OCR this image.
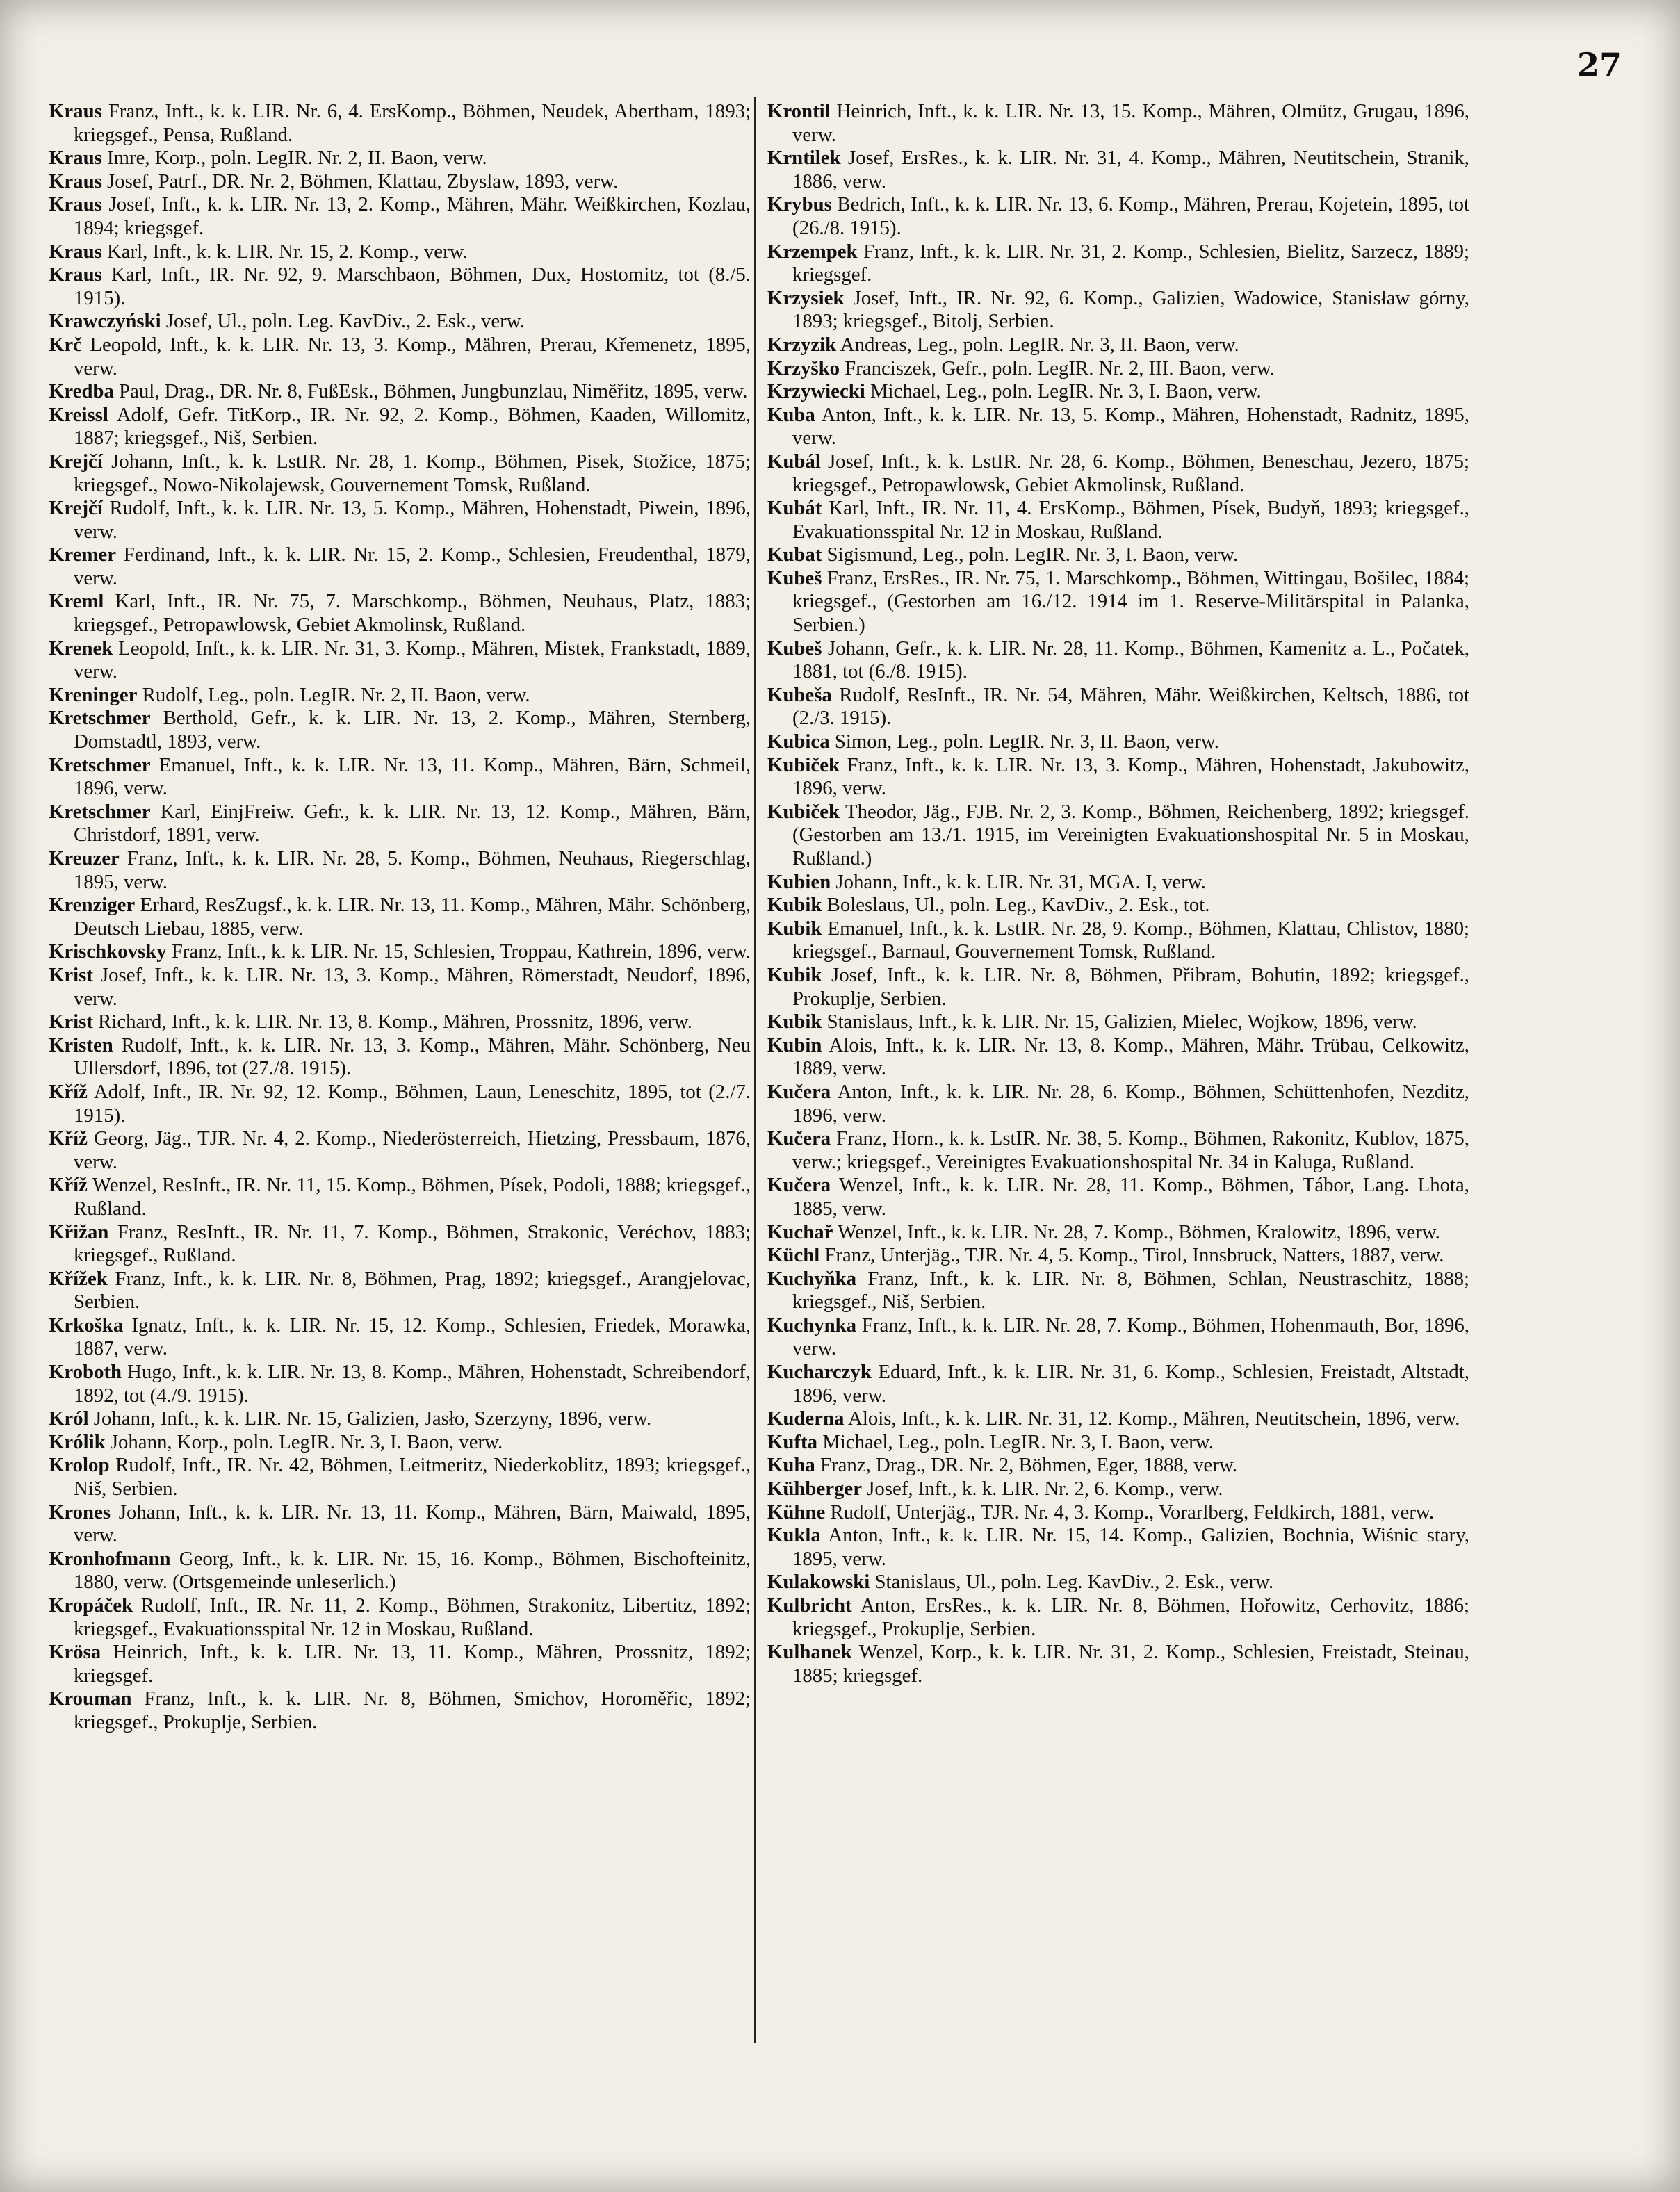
27

Kraus Franz, Inft., k. k. LIR. Nr. 6, 4. ErsKomp., Böhmen, Neudek, Abertham, 1893; kriegsgef., Pensa, Rußland.

Kraus Imre, Korp., poln. LegIR. Nr. 2, II. Baon, verw.

Kraus Josef, Patrf., DR. Nr. 2, Böhmen, Klattau, Zbyslaw, 1893, verw.

Kraus Josef, Inft., k. k. LIR. Nr. 13, 2. Komp., Mähren, Mähr. Weißkirchen, Kozlau, 1894; kriegsgef.

Kraus Karl, Inft., k. k. LIR. Nr. 15, 2. Komp., verw.

Kraus Karl, Inft., IR. Nr. 92, 9. Marschbaon, Böhmen, Dux, Hostomitz, tot (8./5. 1915).

Krawczyński Josef, Ul., poln. Leg. KavDiv., 2. Esk., verw.

Krč Leopold, Inft., k. k. LIR. Nr. 13, 3. Komp., Mähren, Prerau, Křemenetz, 1895, verw.

Kredba Paul, Drag., DR. Nr. 8, FußEsk., Böhmen, Jungbunzlau, Nimĕřitz, 1895, verw.

Kreissl Adolf, Gefr. TitKorp., IR. Nr. 92, 2. Komp., Böhmen, Kaaden, Willomitz, 1887; kriegsgef., Niš, Serbien.

Krejčí Johann, Inft., k. k. LstIR. Nr. 28, 1. Komp., Böhmen, Pisek, Stožice, 1875; kriegsgef., Nowo-Nikolajewsk, Gouvernement Tomsk, Rußland.

Krejčí Rudolf, Inft., k. k. LIR. Nr. 13, 5. Komp., Mähren, Hohenstadt, Piwein, 1896, verw.

Kremer Ferdinand, Inft., k. k. LIR. Nr. 15, 2. Komp., Schlesien, Freudenthal, 1879, verw.

Kreml Karl, Inft., IR. Nr. 75, 7. Marschkomp., Böhmen, Neuhaus, Platz, 1883; kriegsgef., Petropawlowsk, Gebiet Akmolinsk, Rußland.

Krenek Leopold, Inft., k. k. LIR. Nr. 31, 3. Komp., Mähren, Mistek, Frankstadt, 1889, verw.

Kreninger Rudolf, Leg., poln. LegIR. Nr. 2, II. Baon, verw.

Kretschmer Berthold, Gefr., k. k. LIR. Nr. 13, 2. Komp., Mähren, Sternberg, Domstadtl, 1893, verw.

Kretschmer Emanuel, Inft., k. k. LIR. Nr. 13, 11. Komp., Mähren, Bärn, Schmeil, 1896, verw.

Kretschmer Karl, EinjFreiw. Gefr., k. k. LIR. Nr. 13, 12. Komp., Mähren, Bärn, Christdorf, 1891, verw.

Kreuzer Franz, Inft., k. k. LIR. Nr. 28, 5. Komp., Böhmen, Neuhaus, Riegerschlag, 1895, verw.

Krenziger Erhard, ResZugsf., k. k. LIR. Nr. 13, 11. Komp., Mähren, Mähr. Schönberg, Deutsch Liebau, 1885, verw.

Krischkovsky Franz, Inft., k. k. LIR. Nr. 15, Schlesien, Troppau, Kathrein, 1896, verw.

Krist Josef, Inft., k. k. LIR. Nr. 13, 3. Komp., Mähren, Römerstadt, Neudorf, 1896, verw.

Krist Richard, Inft., k. k. LIR. Nr. 13, 8. Komp., Mähren, Prossnitz, 1896, verw.

Kristen Rudolf, Inft., k. k. LIR. Nr. 13, 3. Komp., Mähren, Mähr. Schönberg, Neu Ullersdorf, 1896, tot (27./8. 1915).

Kříž Adolf, Inft., IR. Nr. 92, 12. Komp., Böhmen, Laun, Leneschitz, 1895, tot (2./7. 1915).

Kříž Georg, Jäg., TJR. Nr. 4, 2. Komp., Niederösterreich, Hietzing, Pressbaum, 1876, verw.

Kříž Wenzel, ResInft., IR. Nr. 11, 15. Komp., Böhmen, Písek, Podoli, 1888; kriegsgef., Rußland.

Křižan Franz, ResInft., IR. Nr. 11, 7. Komp., Böhmen, Strakonic, Veréchov, 1883; kriegsgef., Rußland.

Křížek Franz, Inft., k. k. LIR. Nr. 8, Böhmen, Prag, 1892; kriegsgef., Arangjelovac, Serbien.

Krkoška Ignatz, Inft., k. k. LIR. Nr. 15, 12. Komp., Schlesien, Friedek, Morawka, 1887, verw.

Kroboth Hugo, Inft., k. k. LIR. Nr. 13, 8. Komp., Mähren, Hohenstadt, Schreibendorf, 1892, tot (4./9. 1915).

Król Johann, Inft., k. k. LIR. Nr. 15, Galizien, Jasło, Szerzyny, 1896, verw.

Królik Johann, Korp., poln. LegIR. Nr. 3, I. Baon, verw.

Krolop Rudolf, Inft., IR. Nr. 42, Böhmen, Leitmeritz, Niederkoblitz, 1893; kriegsgef., Niš, Serbien.

Krones Johann, Inft., k. k. LIR. Nr. 13, 11. Komp., Mähren, Bärn, Maiwald, 1895, verw.

Kronhofmann Georg, Inft., k. k. LIR. Nr. 15, 16. Komp., Böhmen, Bischofteinitz, 1880, verw. (Ortsgemeinde unleserlich.)

Kropáček Rudolf, Inft., IR. Nr. 11, 2. Komp., Böhmen, Strakonitz, Libertitz, 1892; kriegsgef., Evakuationsspital Nr. 12 in Moskau, Rußland.

Krösa Heinrich, Inft., k. k. LIR. Nr. 13, 11. Komp., Mähren, Prossnitz, 1892; kriegsgef.

Krouman Franz, Inft., k. k. LIR. Nr. 8, Böhmen, Smichov, Horoměřic, 1892; kriegsgef., Prokuplje, Serbien.

Krontil Heinrich, Inft., k. k. LIR. Nr. 13, 15. Komp., Mähren, Olmütz, Grugau, 1896, verw.

Krntilek Josef, ErsRes., k. k. LIR. Nr. 31, 4. Komp., Mähren, Neutitschein, Stranik, 1886, verw.

Krybus Bedrich, Inft., k. k. LIR. Nr. 13, 6. Komp., Mähren, Prerau, Kojetein, 1895, tot (26./8. 1915).

Krzempek Franz, Inft., k. k. LIR. Nr. 31, 2. Komp., Schlesien, Bielitz, Sarzecz, 1889; kriegsgef.

Krzysiek Josef, Inft., IR. Nr. 92, 6. Komp., Galizien, Wadowice, Stanisław górny, 1893; kriegsgef., Bitolj, Serbien.

Krzyzik Andreas, Leg., poln. LegIR. Nr. 3, II. Baon, verw.

Krzyško Franciszek, Gefr., poln. LegIR. Nr. 2, III. Baon, verw.

Krzywiecki Michael, Leg., poln. LegIR. Nr. 3, I. Baon, verw.

Kuba Anton, Inft., k. k. LIR. Nr. 13, 5. Komp., Mähren, Hohenstadt, Radnitz, 1895, verw.

Kubál Josef, Inft., k. k. LstIR. Nr. 28, 6. Komp., Böhmen, Beneschau, Jezero, 1875; kriegsgef., Petropawlowsk, Gebiet Akmolinsk, Rußland.

Kubát Karl, Inft., IR. Nr. 11, 4. ErsKomp., Böhmen, Písek, Budyň, 1893; kriegsgef., Evakuationsspital Nr. 12 in Moskau, Rußland.

Kubat Sigismund, Leg., poln. LegIR. Nr. 3, I. Baon, verw.

Kubeš Franz, ErsRes., IR. Nr. 75, 1. Marschkomp., Böhmen, Wittingau, Bošilec, 1884; kriegsgef., (Gestorben am 16./12. 1914 im 1. Reserve-Militärspital in Palanka, Serbien.)

Kubeš Johann, Gefr., k. k. LIR. Nr. 28, 11. Komp., Böhmen, Kamenitz a. L., Počatek, 1881, tot (6./8. 1915).

Kubeša Rudolf, ResInft., IR. Nr. 54, Mähren, Mähr. Weißkirchen, Keltsch, 1886, tot (2./3. 1915).

Kubica Simon, Leg., poln. LegIR. Nr. 3, II. Baon, verw.

Kubiček Franz, Inft., k. k. LIR. Nr. 13, 3. Komp., Mähren, Hohenstadt, Jakubowitz, 1896, verw.

Kubiček Theodor, Jäg., FJB. Nr. 2, 3. Komp., Böhmen, Reichenberg, 1892; kriegsgef. (Gestorben am 13./1. 1915, im Vereinigten Evakuationshospital Nr. 5 in Moskau, Rußland.)

Kubien Johann, Inft., k. k. LIR. Nr. 31, MGA. I, verw.

Kubik Boleslaus, Ul., poln. Leg., KavDiv., 2. Esk., tot.

Kubik Emanuel, Inft., k. k. LstIR. Nr. 28, 9. Komp., Böhmen, Klattau, Chlistov, 1880; kriegsgef., Barnaul, Gouvernement Tomsk, Rußland.

Kubik Josef, Inft., k. k. LIR. Nr. 8, Böhmen, Přibram, Bohutin, 1892; kriegsgef., Prokuplje, Serbien.

Kubik Stanislaus, Inft., k. k. LIR. Nr. 15, Galizien, Mielec, Wojkow, 1896, verw.

Kubin Alois, Inft., k. k. LIR. Nr. 13, 8. Komp., Mähren, Mähr. Trübau, Celkowitz, 1889, verw.

Kučera Anton, Inft., k. k. LIR. Nr. 28, 6. Komp., Böhmen, Schüttenhofen, Nezditz, 1896, verw.

Kučera Franz, Horn., k. k. LstIR. Nr. 38, 5. Komp., Böhmen, Rakonitz, Kublov, 1875, verw.; kriegsgef., Vereinigtes Evakuationshospital Nr. 34 in Kaluga, Rußland.

Kučera Wenzel, Inft., k. k. LIR. Nr. 28, 11. Komp., Böhmen, Tábor, Lang. Lhota, 1885, verw.

Kuchař Wenzel, Inft., k. k. LIR. Nr. 28, 7. Komp., Böhmen, Kralowitz, 1896, verw.

Küchl Franz, Unterjäg., TJR. Nr. 4, 5. Komp., Tirol, Innsbruck, Natters, 1887, verw.

Kuchyňka Franz, Inft., k. k. LIR. Nr. 8, Böhmen, Schlan, Neustraschitz, 1888; kriegsgef., Niš, Serbien.

Kuchynka Franz, Inft., k. k. LIR. Nr. 28, 7. Komp., Böhmen, Hohenmauth, Bor, 1896, verw.

Kucharczyk Eduard, Inft., k. k. LIR. Nr. 31, 6. Komp., Schlesien, Freistadt, Altstadt, 1896, verw.

Kuderna Alois, Inft., k. k. LIR. Nr. 31, 12. Komp., Mähren, Neutitschein, 1896, verw.

Kufta Michael, Leg., poln. LegIR. Nr. 3, I. Baon, verw.

Kuha Franz, Drag., DR. Nr. 2, Böhmen, Eger, 1888, verw.

Kühberger Josef, Inft., k. k. LIR. Nr. 2, 6. Komp., verw.

Kühne Rudolf, Unterjäg., TJR. Nr. 4, 3. Komp., Vorarlberg, Feldkirch, 1881, verw.

Kukla Anton, Inft., k. k. LIR. Nr. 15, 14. Komp., Galizien, Bochnia, Wiśnic stary, 1895, verw.

Kulakowski Stanislaus, Ul., poln. Leg. KavDiv., 2. Esk., verw.

Kulbricht Anton, ErsRes., k. k. LIR. Nr. 8, Böhmen, Hořowitz, Cerhovitz, 1886; kriegsgef., Prokuplje, Serbien.

Kulhanek Wenzel, Korp., k. k. LIR. Nr. 31, 2. Komp., Schlesien, Freistadt, Steinau, 1885; kriegsgef.
